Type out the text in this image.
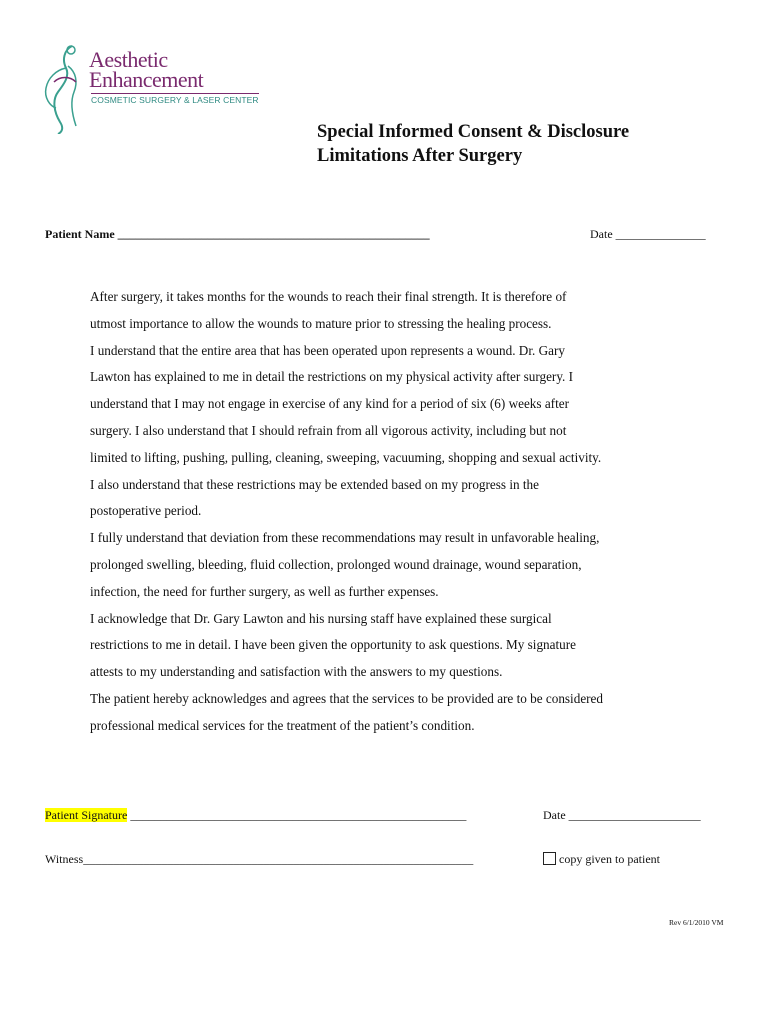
Aesthetic
Enhancement
COSMETIC SURGERY & LASER CENTER
Special Informed Consent & Disclosure
Limitations After Surgery
Patient Name ____________________________________________________	Date _______________

After surgery, it takes months for the wounds to reach their final strength. It is therefore of

utmost importance to allow the wounds to mature prior to stressing the healing process.

I understand that the entire area that has been operated upon represents a wound. Dr. Gary

Lawton has explained to me in detail the restrictions on my physical activity after surgery. I

understand that I may not engage in exercise of any kind for a period of six (6) weeks after

surgery. I also understand that I should refrain from all vigorous activity, including but not

limited to lifting, pushing, pulling, cleaning, sweeping, vacuuming, shopping and sexual activity.

I also understand that these restrictions may be extended based on my progress in the

postoperative period.

I fully understand that deviation from these recommendations may result in unfavorable healing,

prolonged swelling, bleeding, fluid collection, prolonged wound drainage, wound separation,

infection, the need for further surgery, as well as further expenses.

I acknowledge that Dr. Gary Lawton and his nursing staff have explained these surgical

restrictions to me in detail. I have been given the opportunity to ask questions. My signature

attests to my understanding and satisfaction with the answers to my questions.

The patient hereby acknowledges and agrees that the services to be provided are to be considered

professional medical services for the treatment of the patient’s condition.

Patient Signature ________________________________________________________	Date ______________________
Witness_________________________________________________________________	copy given to patient
Rev 6/1/2010 VM
